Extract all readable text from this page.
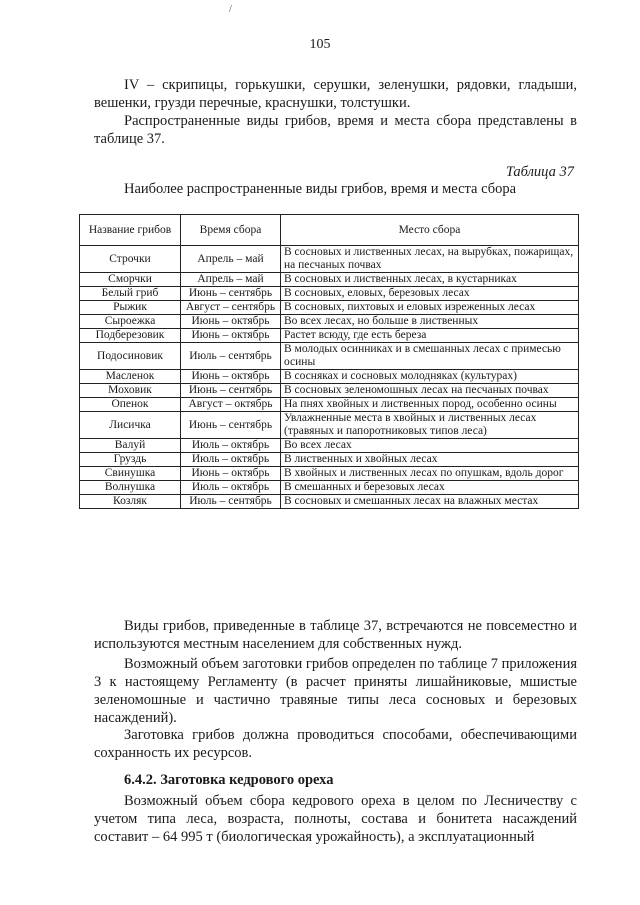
/
105

IV – скрипицы, горькушки, серушки, зеленушки, рядовки, гладыши, вешенки, грузди перечные, краснушки, толстушки.

Распространенные виды грибов, время и места сбора представлены в таблице 37.

Таблица 37
Наиболее распространенные виды грибов, время и места сбора
Название грибов	Время сбора	Место сбора
Строчки	Апрель – май	В сосновых и лиственных лесах, на вырубках, пожарищах, на песчаных почвах
Сморчки	Апрель – май	В сосновых и лиственных лесах, в кустарниках
Белый гриб	Июнь – сентябрь	В сосновых, еловых, березовых лесах
Рыжик	Август – сентябрь	В сосновых, пихтовых и еловых изреженных лесах
Сыроежка	Июнь – октябрь	Во всех лесах, но больше в лиственных
Подберезовик	Июнь – октябрь	Растет всюду, где есть береза
Подосиновик	Июль – сентябрь	В молодых осинниках и в смешанных лесах с примесью осины
Масленок	Июнь – октябрь	В сосняках и сосновых молодняках (культурах)
Моховик	Июнь – сентябрь	В сосновых зеленомошных лесах на песчаных почвах
Опенок	Август – октябрь	На пнях хвойных и лиственных пород, особенно осины
Лисичка	Июнь – сентябрь	Увлажненные места в хвойных и лиственных лесах (травяных и папоротниковых типов леса)
Валуй	Июль – октябрь	Во всех лесах
Груздь	Июль – октябрь	В лиственных и хвойных лесах
Свинушка	Июнь – октябрь	В хвойных и лиственных лесах по опушкам, вдоль дорог
Волнушка	Июль – октябрь	В смешанных и березовых лесах
Козляк	Июль – сентябрь	В сосновых и смешанных лесах на влажных местах

Виды грибов, приведенные в таблице 37, встречаются не повсеместно и используются местным населением для собственных нужд.

Возможный объем заготовки грибов определен по таблице 7 приложения 3 к настоящему Регламенту (в расчет приняты лишайниковые, мшистые зеленомошные и частично травяные типы леса сосновых и березовых насаждений).

Заготовка грибов должна проводиться способами, обеспечивающими сохранность их ресурсов.

6.4.2. Заготовка кедрового ореха

Возможный объем сбора кедрового ореха в целом по Лесничеству с учетом типа леса, возраста, полноты, состава и бонитета насаждений составит – 64 995 т (биологическая урожайность), а эксплуатационный
